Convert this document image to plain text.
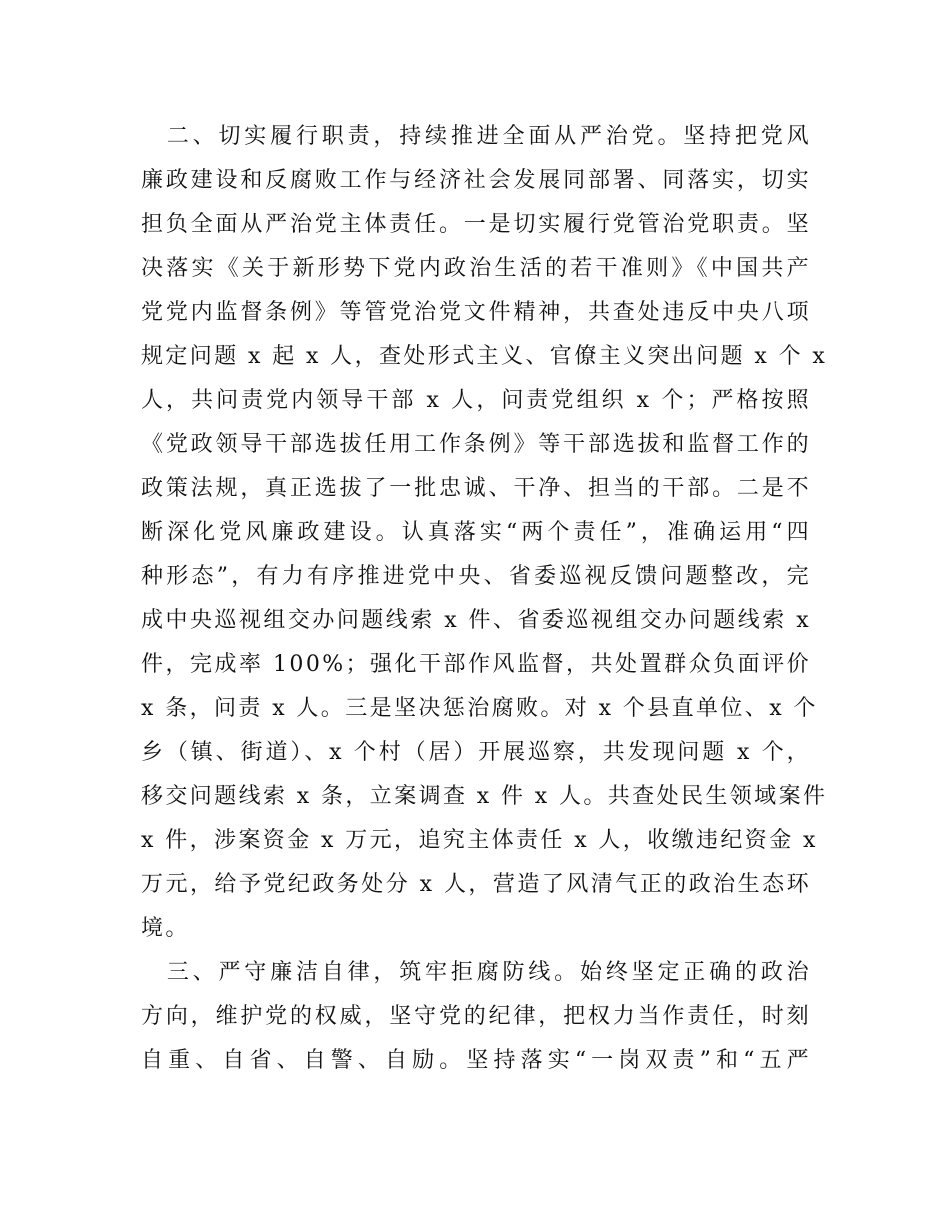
　二、切实履行职责，持续推进全面从严治党。坚持把党风
廉政建设和反腐败工作与经济社会发展同部署、同落实，切实
担负全面从严治党主体责任。一是切实履行党管治党职责。坚
决落实《关于新形势下党内政治生活的若干准则》《中国共产
党党内监督条例》等管党治党文件精神，共查处违反中央八项
规定问题 x 起 x 人，查处形式主义、官僚主义突出问题 x 个 x
人，共问责党内领导干部 x 人，问责党组织 x 个；严格按照
《党政领导干部选拔任用工作条例》等干部选拔和监督工作的
政策法规，真正选拔了一批忠诚、干净、担当的干部。二是不
断深化党风廉政建设。认真落实“两个责任”，准确运用“四
种形态”，有力有序推进党中央、省委巡视反馈问题整改，完
成中央巡视组交办问题线索 x 件、省委巡视组交办问题线索 x
件，完成率 100%；强化干部作风监督，共处置群众负面评价
x 条，问责 x 人。三是坚决惩治腐败。对 x 个县直单位、x 个
乡（镇、街道）、x 个村（居）开展巡察，共发现问题 x 个，
移交问题线索 x 条，立案调查 x 件 x 人。共查处民生领域案件
x 件，涉案资金 x 万元，追究主体责任 x 人，收缴违纪资金 x
万元，给予党纪政务处分 x 人，营造了风清气正的政治生态环
境。
　三、严守廉洁自律，筑牢拒腐防线。始终坚定正确的政治
方向，维护党的权威，坚守党的纪律，把权力当作责任，时刻
自重、自省、自警、自励。坚持落实“一岗双责”和“五严
